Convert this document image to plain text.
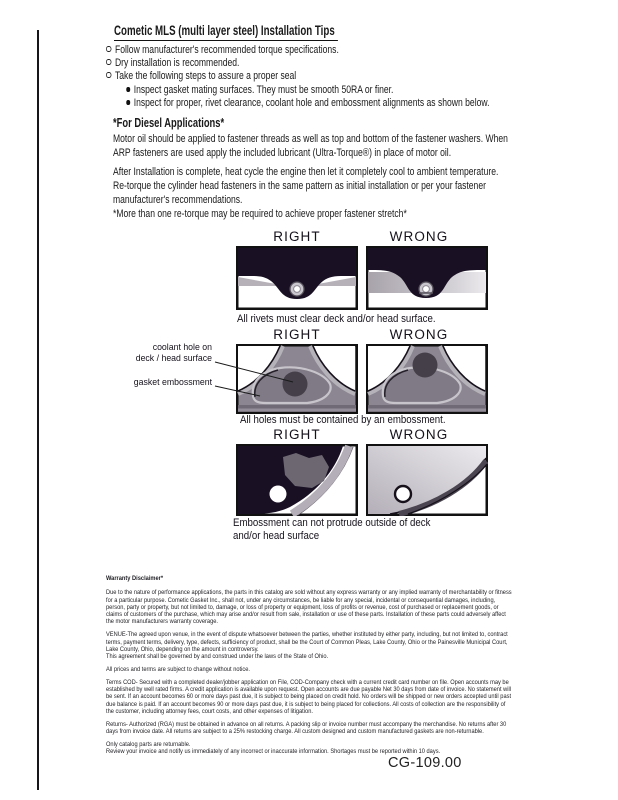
Cometic MLS (multi layer steel) Installation Tips
Follow manufacturer's recommended torque specifications.
Dry installation is recommended.
Take the following steps to assure a proper seal
Inspect gasket mating surfaces. They must be smooth 50RA or finer.
Inspect for proper, rivet clearance, coolant hole and embossment alignments as shown below.
*For Diesel Applications*
Motor oil should be applied to fastener threads as well as top and bottom of the fastener washers. When ARP fasteners are used apply the included lubricant (Ultra-Torque®) in place of motor oil.
After Installation is complete, heat cycle the engine then let it completely cool to ambient temperature. Re-torque the cylinder head fasteners in the same pattern as initial installation or per your fastener manufacturer's recommendations.
*More than one re-torque may be required to achieve proper fastener stretch*
RIGHT	WRONG
All rivets must clear deck and/or head surface.
RIGHT	WRONG
coolant hole on
deck / head surface
gasket embossment
All holes must be contained by an embossment.
RIGHT	WRONG
Embossment can not protrude outside of deck
and/or head surface

Warranty Disclaimer*

Due to the nature of performance applications, the parts in this catalog are sold without any express warranty or any implied warranty of merchantability or fitness for a particular purpose. Cometic Gasket Inc., shall not, under any circumstances, be liable for any special, incidental or consequential damages, including, person, party or property, but not limited to, damage, or loss of property or equipment, loss of profits or revenue, cost of purchased or replacement goods, or claims of customers of the purchase, which may arise and/or result from sale, installation or use of these parts. Installation of these parts could adversely affect the motor manufacturers warranty coverage.

VENUE-The agreed upon venue, in the event of dispute whatsoever between the parties, whether instituted by either party, including, but not limited to, contract terms, payment terms, delivery, type, defects, sufficiency of product, shall be the Court of Common Pleas, Lake County, Ohio or the Painesville Municipal Court, Lake County, Ohio, depending on the amount in controversy.

This agreement shall be governed by and construed under the laws of the State of Ohio.

All prices and terms are subject to change without notice.

Terms COD- Secured with a completed dealer/jobber application on File, COD-Company check with a current credit card number on file. Open accounts may be established by well rated firms. A credit application is available upon request. Open accounts are due payable Net 30 days from date of invoice. No statement will be sent. If an account becomes 60 or more days past due, it is subject to being placed on credit hold. No orders will be shipped or new orders accepted until past due balance is paid. If an account becomes 90 or more days past due, it is subject to being placed for collections. All costs of collection are the responsibility of the customer, including attorney fees, court costs, and other expenses of litigation.

Returns- Authorized (RGA) must be obtained in advance on all returns. A packing slip or invoice number must accompany the merchandise. No returns after 30 days from invoice date. All returns are subject to a 25% restocking charge. All custom designed and custom manufactured gaskets are non-returnable.

Only catalog parts are returnable.

Review your invoice and notify us immediately of any incorrect or inaccurate information. Shortages must be reported within 10 days.

CG-109.00
